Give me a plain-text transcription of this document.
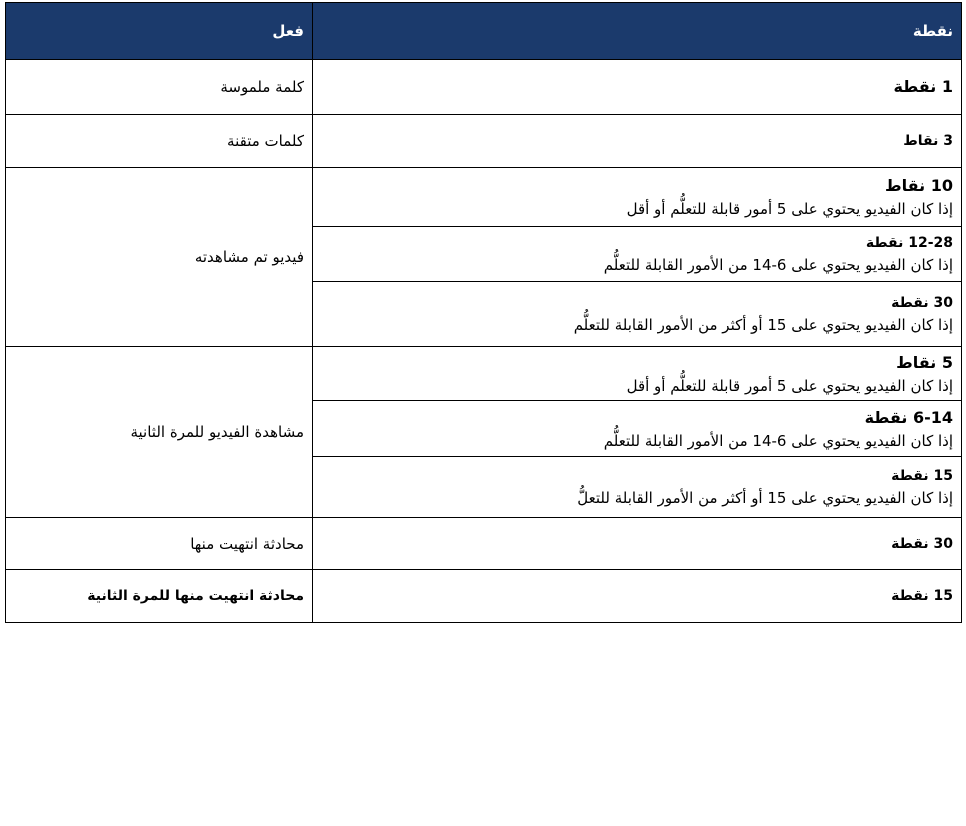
نقطة	فعل

1 نقطة	كلمة ملموسة

3 نقاط	كلمات متقنة

10 نقاط
إذا كان الفيديو يحتوي على 5 أمور قابلة للتعلُّم أو أقل	فيديو تم مشاهدته

12-28 نقطة
إذا كان الفيديو يحتوي على 6-14 من الأمور القابلة للتعلُّم	

30 نقطة
إذا كان الفيديو يحتوي على 15 أو أكثر من الأمور القابلة للتعلُّم	

5 نقاط
إذا كان الفيديو يحتوي على 5 أمور قابلة للتعلُّم أو أقل	مشاهدة الفيديو للمرة الثانية

6-14 نقطة
إذا كان الفيديو يحتوي على 6-14 من الأمور القابلة للتعلُّم	

15 نقطة
إذا كان الفيديو يحتوي على 15 أو أكثر من الأمور القابلة للتعلُّ	

30 نقطة	محادثة انتهيت منها

15 نقطة	محادثة انتهيت منها للمرة الثانية
